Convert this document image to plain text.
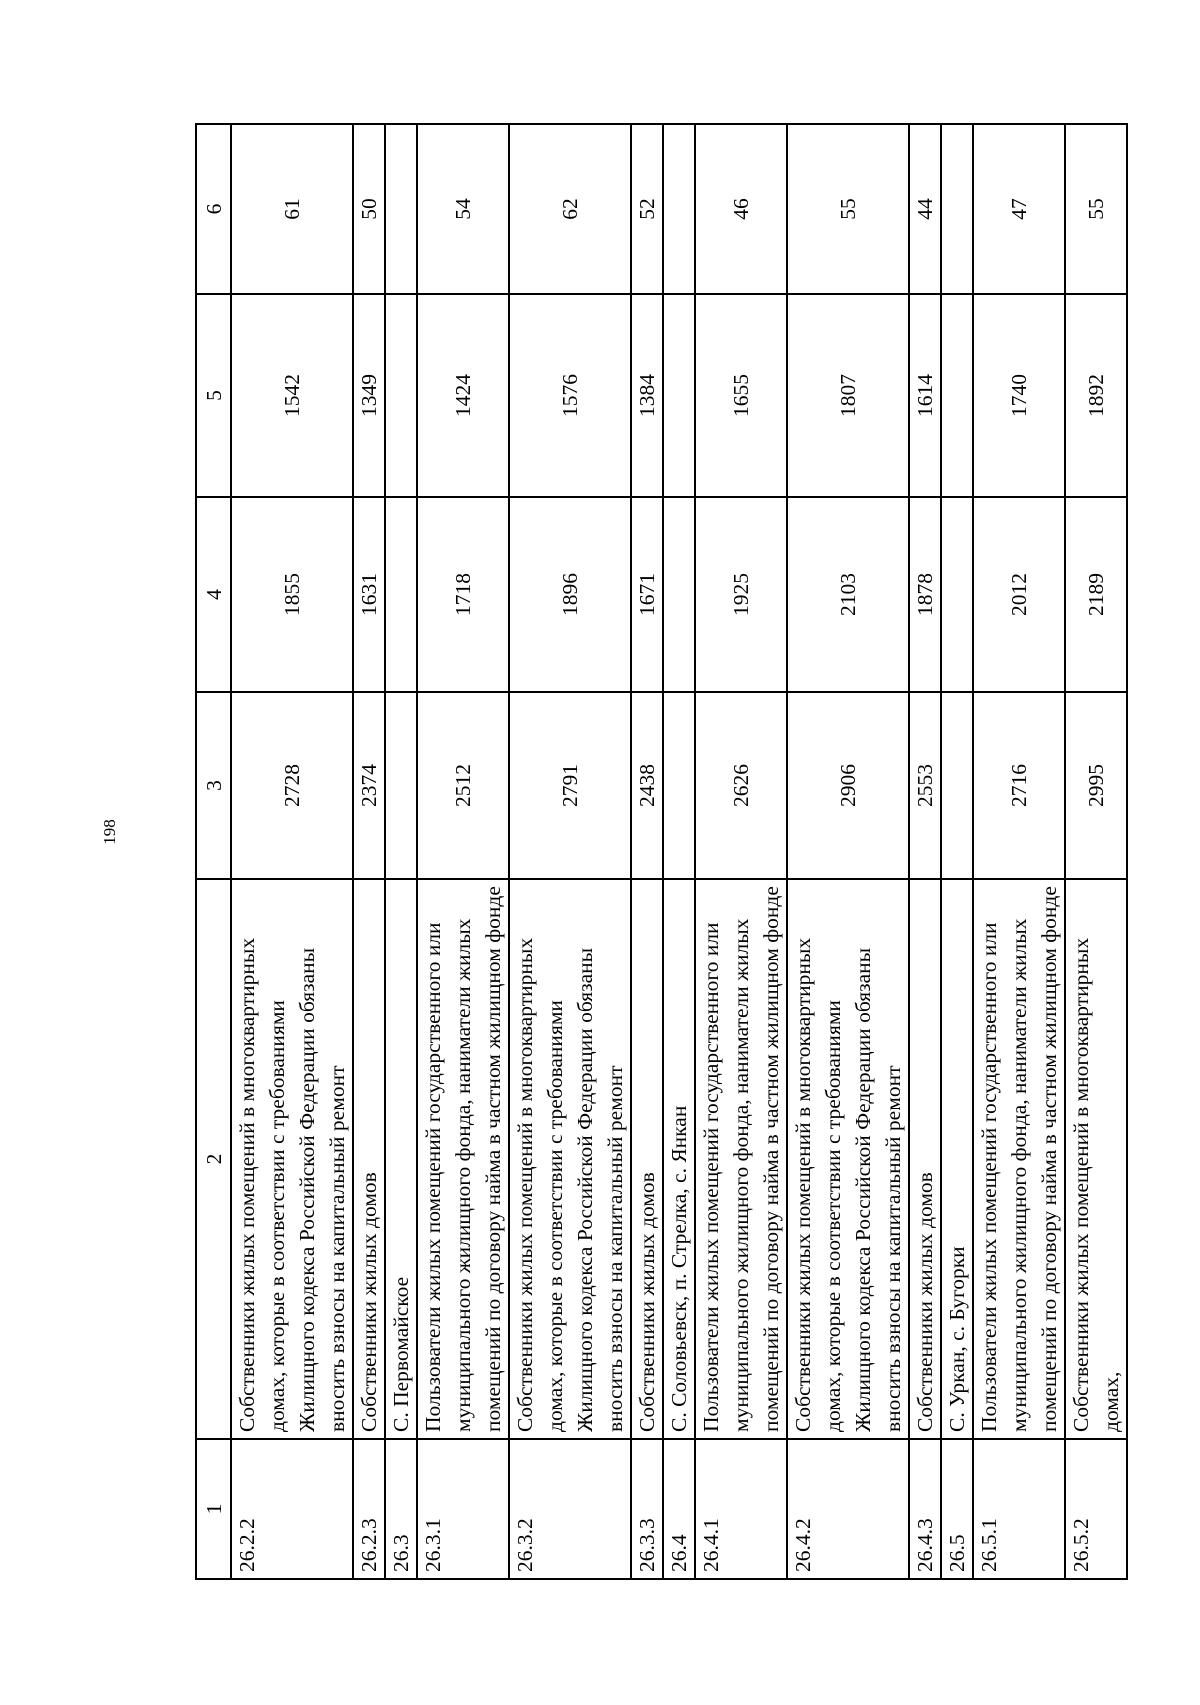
198
1	2	3	4	5	6
26.2.2	Собственники жилых помещений в многоквартирных домах, которые в соответствии с требованиями Жилищного кодекса Российской Федерации обязаны вносить взносы на капитальный ремонт	2728	1855	1542	61
26.2.3	Собственники жилых домов	2374	1631	1349	50
26.3	С. Первомайское				
26.3.1	Пользователи жилых помещений государственного или муниципального жилищного фонда, наниматели жилых помещений по договору найма в частном жилищном фонде	2512	1718	1424	54
26.3.2	Собственники жилых помещений в многоквартирных домах, которые в соответствии с требованиями Жилищного кодекса Российской Федерации обязаны вносить взносы на капитальный ремонт	2791	1896	1576	62
26.3.3	Собственники жилых домов	2438	1671	1384	52
26.4	С. Соловьевск, п. Стрелка, с. Янкан				
26.4.1	Пользователи жилых помещений государственного или муниципального жилищного фонда, наниматели жилых помещений по договору найма в частном жилищном фонде	2626	1925	1655	46
26.4.2	Собственники жилых помещений в многоквартирных домах, которые в соответствии с требованиями Жилищного кодекса Российской Федерации обязаны вносить взносы на капитальный ремонт	2906	2103	1807	55
26.4.3	Собственники жилых домов	2553	1878	1614	44
26.5	С. Уркан, с. Бугорки				
26.5.1	Пользователи жилых помещений государственного или муниципального жилищного фонда, наниматели жилых помещений по договору найма в частном жилищном фонде	2716	2012	1740	47
26.5.2	Собственники жилых помещений в многоквартирных домах,	2995	2189	1892	55
